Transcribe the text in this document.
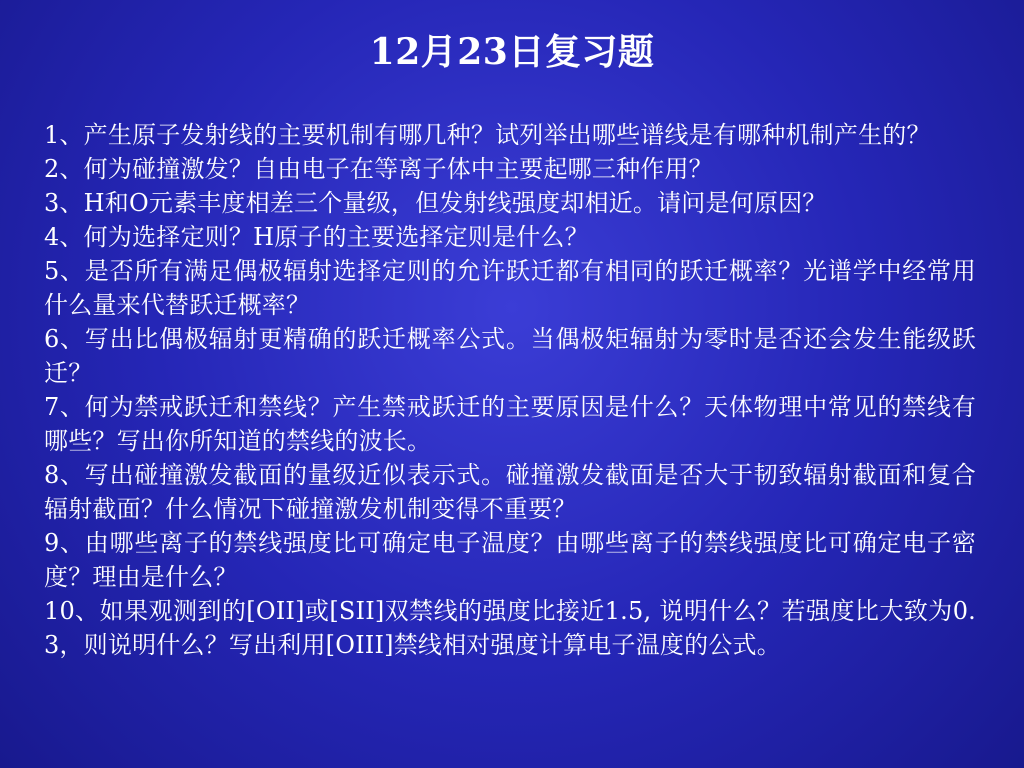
12月23日复习题
1、产生原子发射线的主要机制有哪几种？试列举出哪些谱线是有哪种机制产生的？
2、何为碰撞激发？自由电子在等离子体中主要起哪三种作用？
3、H和O元素丰度相差三个量级，但发射线强度却相近。请问是何原因？
4、何为选择定则？H原子的主要选择定则是什么？
5、是否所有满足偶极辐射选择定则的允许跃迁都有相同的跃迁概率？光谱学中经常用什么量来代替跃迁概率？
6、写出比偶极辐射更精确的跃迁概率公式。当偶极矩辐射为零时是否还会发生能级跃迁？
7、何为禁戒跃迁和禁线？产生禁戒跃迁的主要原因是什么？天体物理中常见的禁线有哪些？写出你所知道的禁线的波长。
8、写出碰撞激发截面的量级近似表示式。碰撞激发截面是否大于韧致辐射截面和复合辐射截面？什么情况下碰撞激发机制变得不重要？
9、由哪些离子的禁线强度比可确定电子温度？由哪些离子的禁线强度比可确定电子密度？理由是什么？
10、如果观测到的[OII]或[SII]双禁线的强度比接近1.5, 说明什么？若强度比大致为0.3，则说明什么？写出利用[OIII]禁线相对强度计算电子温度的公式。
